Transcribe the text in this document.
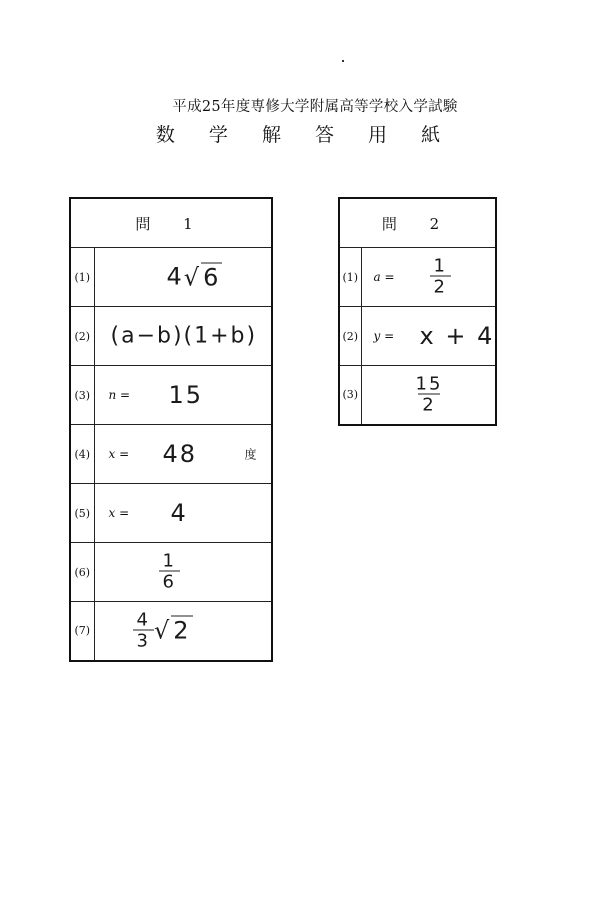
平成25年度専修大学附属高等学校入学試験
数 学 解 答 用 紙
問 1	
(1)	4√6

(2)	(a−b)(1+b)

(3)	n = 15

(4)	x = 48 度

(5)	x = 4

(6)	$\frac{1}{6}$

(7)	$\frac{4}{3} √2$
問 2	
(1)	$a = \frac{1}{2}$

(2)	y = x + 4

(3)	$\frac{15}{2}$
